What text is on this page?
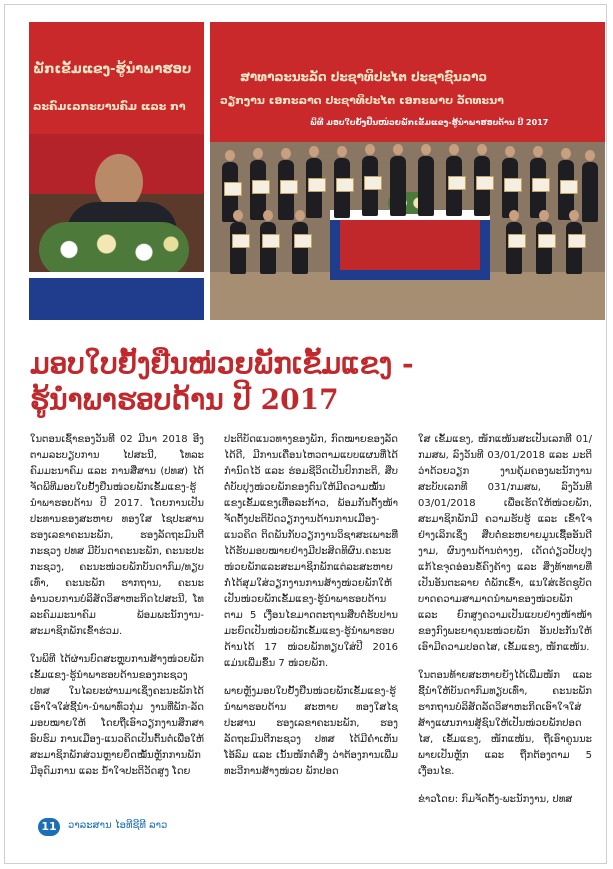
ພັກເຂັ້ມແຂງ-ຮູ້ນຳພາຮອບ
ລະຄົມເລກະບານຄົມ ແລະ ກາ
ສາທາລະນະລັດ ປະຊາທິປະໄຕ ປະຊາຊົນລາວ
ວຽກງານ ເອກະລາດ ປະຊາທິປະໄຕ ເອກະພາບ ວັດທະນາ
ພິທີ ມອບໃບຍັ້ງຢືນໜ່ວຍພັກເຂັ້ມແຂງ-ຮູ້ນຳພາຮອບດ້ານ ປີ 2017
ມອບໃບຢັ້ງຢືນໜ່ວຍພັກເຂັ້ມແຂງ -
ຮູ້ນຳພາຮອບດ້ານ ປີ 2017

ໃນຕອນເຊົ້າຂອງວັນທີ 02 ມີນາ 2018 ອີງຕາມລະບຽບການ ໄປສະນີ, ໂທລະຄົມມະນາຄົມ ແລະ ການສື່ສານ (ປທສ) ໄດ້ຈັດພິທີມອບໃບຢັ້ງຢືນໜ່ວຍພັກເຂັ້ມແຂງ-ຮູ້ນຳພາຮອບດ້ານ ປີ 2017. ໂດຍການເປັນປະທານຂອງສະຫາຍ ທອງໃສ ໄຊປະສານ ຮອງເລຂາຄະນະພັກ, ຮອງລັດຖະມົນຕີກະຊວງ ປທສ ມີບັນດາຄະນະພັກ, ຄະນະປະກະຊວງ, ຄະນະໜ່ວຍພັກບັນດາກົມ/ທຽບເທົ່າ, ຄະນະພັກ ຮາກຖານ, ຄະນະອຳນວຍການບໍລິສັດວິສາຫະກິດໄປສະນີ, ໂທລະຄົມມະນາຄົມ ພ້ອມພະນັກງານ-ສະມາຊິກພັກເຂົ້າຮ່ວມ.

ໃນພິທີ ໄດ້ຜ່ານບົດສະຫຼຸບການສ້າງໜ່ວຍພັກເຂັ້ມແຂງ-ຮູ້ນຳພາຮອບດ້ານຂອງກະຊວງປທສ ໃນໄລຍະຜ່ານມາເຊິ່ງຄະນະພັກໄດ້ເອົາໃຈໃສ່ຊີ້ນຳ-ນຳພາທົ່ວກຸ່ມ ງານທີ່ພັກ-ລັດມອບໝາຍໃຫ້ ໂດຍຖືເອົາວຽກງານສຶກສາອົບຮົມ ການເມືອງ-ແນວຄິດເປັນຕົ້ນຕໍເພື່ອໃຫ້ ສະມາຊິກພັກສ່ວນຫຼາຍຍຶດໝັ້ນຫຼັກການພັກ ມີອຸດົມການ ແລະ ນໍ້າໃຈປະຕິວັດສູງ ໂດຍ

ປະຕິບັດແນວທາງຂອງພັກ, ກົດໝາຍຂອງລັດໄດ້ດີ, ມີການເຄື່ອນໄຫວຕາມແບບແຜນທີ່ໄດ້ກຳນົດໄວ້ ແລະ ຮ່ອມຊີວິດເປັນປົກກະຕິ, ສືບຕໍ່ບັບປຸງໜ່ວຍພັກຂອງຕົນໃຫ້ມີຄວາມໝັ້ນແຂງເຂັ້ມແຂງເທື່ອລະກ້າວ, ພ້ອມກັນຕັ້ງໜ້າຈັດຕັ້ງປະຕິບັດວຽກງານດ້ານການເມືອງ-ແນວຄິດ ຕິດພັນກັບວຽກງານວິຊາສະເພາະທີ່ໄດ້ຮັບມອບໝາຍຢ່າງມີປະສິດທິຜົນ.ຄະນະໜ່ວຍພັກແລະສະມາຊິກພັກແຕ່ລະສະຫາຍກໍ່ໄດ້ສຸມໃສ່ວຽກງານການສ້າງໜ່ວຍພັກໃຫ້ເປັນໜ່ວຍພັກເຂັ້ມແຂງ-ຮູ້ນຳພາຮອບດ້ານຕາມ 5 ເງື່ອນໄຂມາດຕະຖານສືບຕໍ່ຮັບປານມະຍົດເປັນໜ່ວຍພັກເຂັ້ມແຂງ-ຮູ້ນຳພາຮອບດ້ານໄດ້ 17 ໜ່ວຍພັກທຽບໃສ່ປີ 2016 ແມ່ນເພີ່ມຂຶ້ນ 7 ໜ່ວຍພັກ.

ພາຍຫຼັງມອບໃບຢັ້ງຢືນໜ່ວຍພັກເຂັ້ມແຂງ-ຮູ້ນຳພາຮອບດ້ານ ສະຫາຍ ທອງໃສໄຊປະສານ ຮອງເລຂາຄະນະພັກ, ຮອງລັດຖະມົນຕີກະຊວງ ປທສ ໄດ້ມີຄຳເຫັນໂອ້ລົມ ແລະ ເນັ້ນໜັກຕໍ່ສິ່ງ ວ່າຕ້ອງການເພີ່ມທະວີການສ້າງໜ່ວຍ ພັກປອດ

ໃສ ເຂັ້ມແຂງ, ໜັກແໜ້ນສະເປັນເລກທີ 01/ກມສພ, ລົງວັນທີ 03/01/2018 ແລະ ມະຕິວ່າດ້ວຍວຽກ ງານຄຸ້ມຄອງພະນັກງານ ສະບັບເລກທີ 031/ກມສພ, ລົງວັນທີ 03/01/2018 ເພື່ອເຮັດໃຫ້ໜ່ວຍພັກ, ສະມາຊິກພັກມີ ຄວາມຮັບຮູ້ ແລະ ເຂົ້າໃຈຢ່າງເລິກເຊິ່ງ ສືບຕໍ່ຂະຫຍາຍມູນເຊື້ອອັນດີງາມ, ຜົນງານດ້ານຕ່າງໆ, ເດັດດ່ຽວປັບປຸງແກ້ໄຂຈຸດອ່ອນຂໍ້ຄົງຄ້າງ ແລະ ສິ່ງທ້າທາຍທີ່ເປັນອັນຕະລາຍ ຕໍ່ພັກເຂົ້າ, ແນໃສ່ເຮັດຊູບັດບາດຄວາມສາມາດນຳພາຂອງໜ່ວຍພັກ ແລະ ຍົກສູງຄວາມເປັນແບບຢ່າງໜ້າໜ້າຂອງກົງພະຍາຄຸນະໜ່ວຍພັກ ອັນປະກັນໃຫ້ເອົາມີຄວາມປອດໄສ, ເຂັ້ມແຂງ, ໜັກແໜ້ນ.

ໃນຕອນທ້າຍສະຫາຍຍັງໄດ້ເພີ່ມໜັກ ແລະ ຊີ້ນຳໃຫ້ບັນດາກົມທຽບເທົ່າ, ຄະນະພັກຮາກຖານບໍລິສັດລັດວິສາຫະກິດເອົາໃຈໃສ່ສ້າງແຜນການສູ້ຊົນໃຫ້ເປັນໜ່ວຍພັກປອດໄສ, ເຂັ້ມແຂງ, ໜັກແໜ້ນ, ຖືເອົາຄູນນະພາຍເປັນຫຼັກ ແລະ ຖືກຕ້ອງຕາມ 5 ເງື່ອນໄຂ.

ຂ່າວໂດຍ: ກົມຈັດຕັ້ງ-ພະນັກງານ, ປທສ

11	ວາລະສານ ໄອທີຊີທີ ລາວ
